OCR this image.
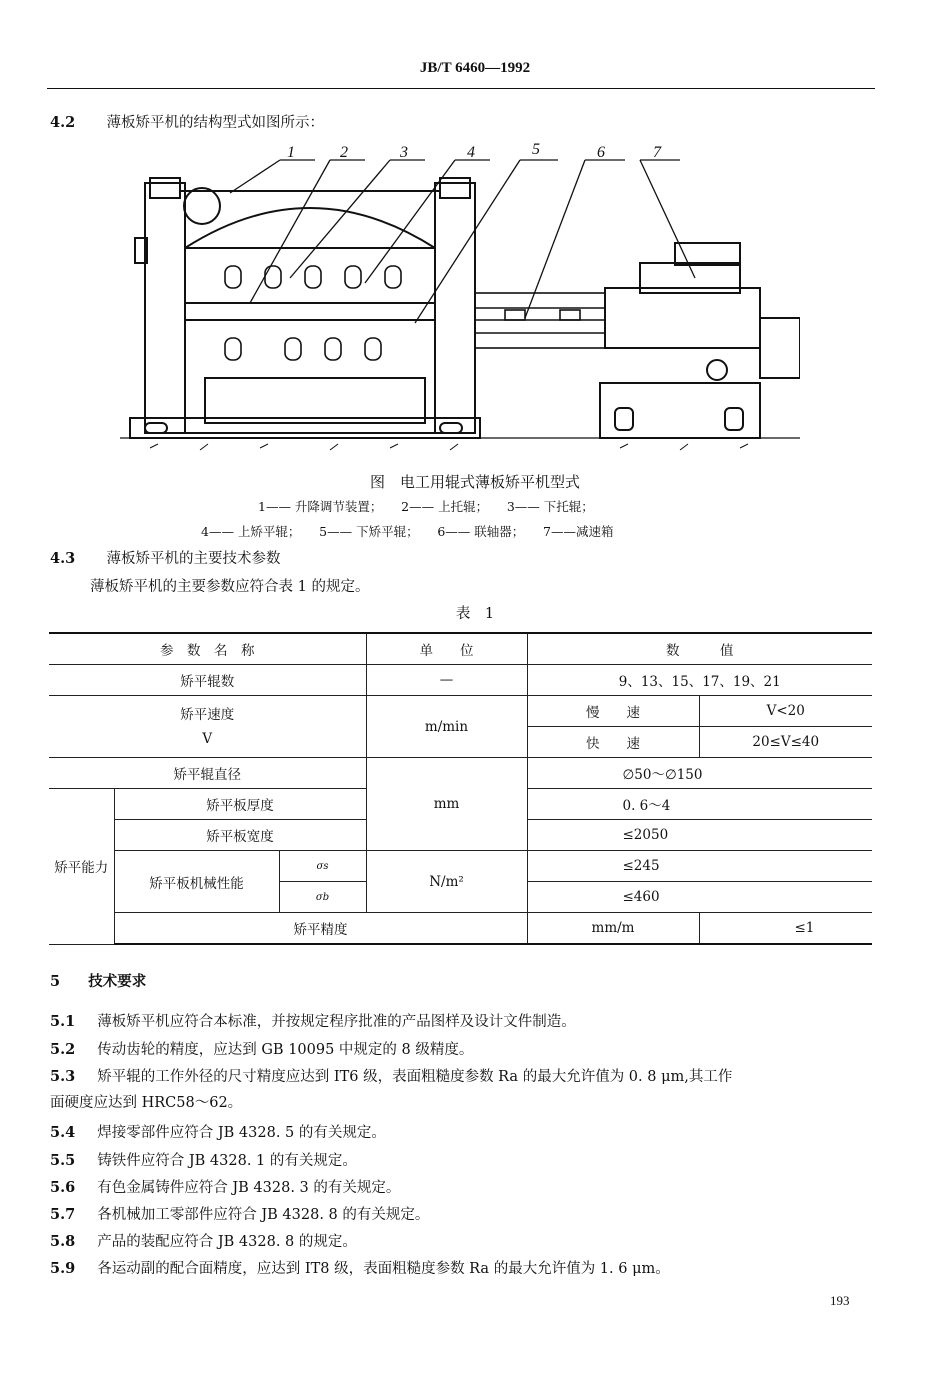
JB/T 6460—1992
4.2 薄板矫平机的结构型式如图所示：
1	2	3	4	5	6	7
图　电工用辊式薄板矫平机型式
1—— 升降调节装置；　　2—— 上托辊；　　3—— 下托辊；
4—— 上矫平辊；　　5—— 下矫平辊；　　6—— 联轴器；　　7——减速箱
4.3 薄板矫平机的主要技术参数
薄板矫平机的主要参数应符合表 1 的规定。
表　1
参　数　名　称			单　　位	数　　　值	
矫平辊数			—	9、13、15、17、19、21	
矫平速度
V			m/min	慢　　速	V<20
				快　　速	20≤V≤40
矫平辊直径			mm	∅50～∅150	
矫平能力	矫平板厚度			0. 6～4	
	矫平板宽度			≤2050	
	矫平板机械性能	σs	N/m²	≤245	
		σb		≤460	
	矫平精度			mm/m	≤1
5 技术要求
5.1 薄板矫平机应符合本标准，并按规定程序批准的产品图样及设计文件制造。
5.2 传动齿轮的精度，应达到 GB 10095 中规定的 8 级精度。
5.3 矫平辊的工作外径的尺寸精度应达到 IT6 级，表面粗糙度参数 Ra 的最大允许值为 0. 8 μm,其工作
面硬度应达到 HRC58～62。
5.4 焊接零部件应符合 JB 4328. 5 的有关规定。
5.5 铸铁件应符合 JB 4328. 1 的有关规定。
5.6 有色金属铸件应符合 JB 4328. 3 的有关规定。
5.7 各机械加工零部件应符合 JB 4328. 8 的有关规定。
5.8 产品的装配应符合 JB 4328. 8 的规定。
5.9 各运动副的配合面精度，应达到 IT8 级，表面粗糙度参数 Ra 的最大允许值为 1. 6 μm。
193
